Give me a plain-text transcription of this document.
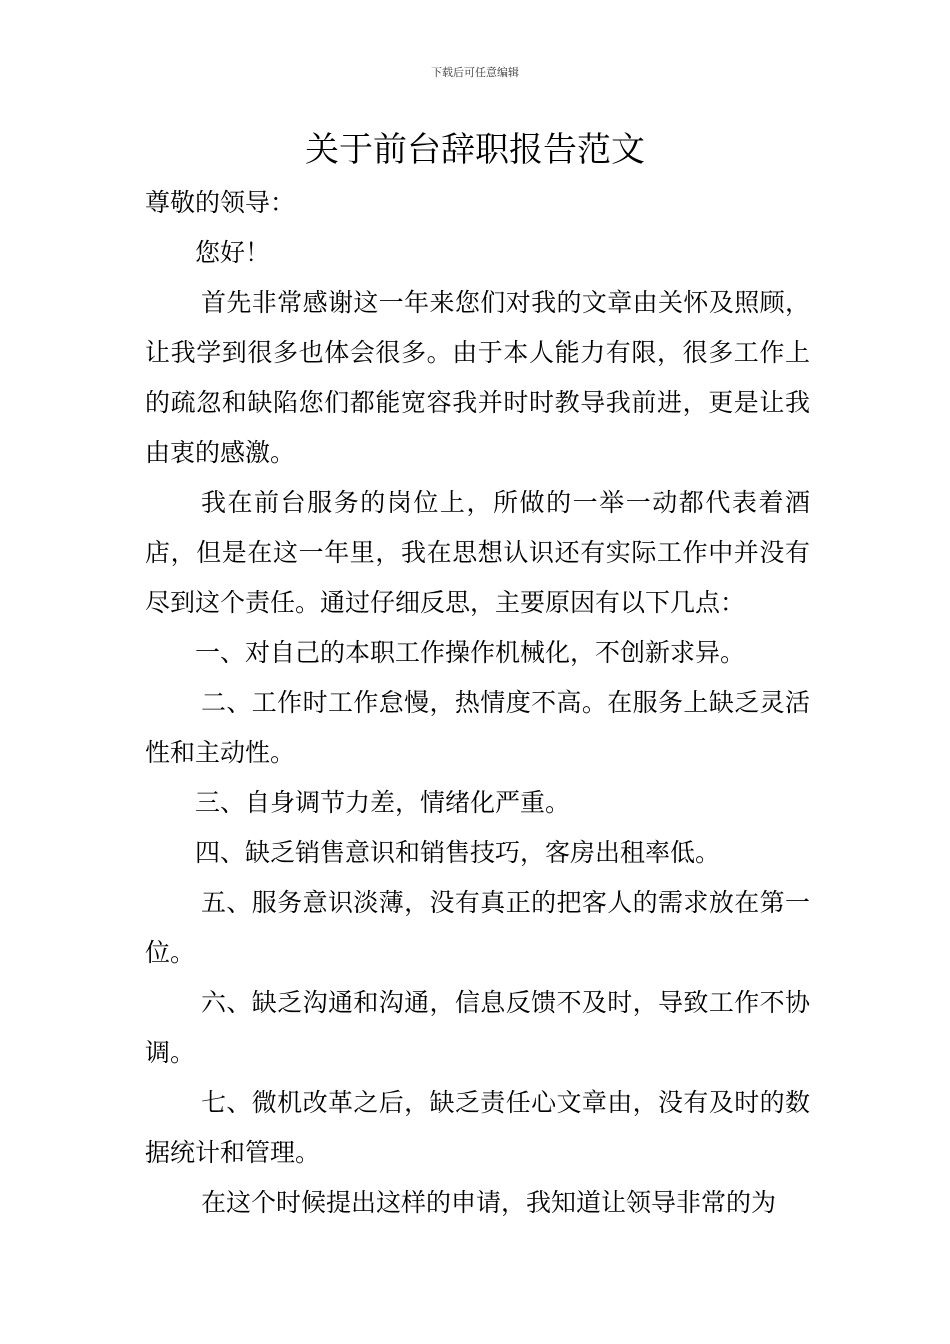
下载后可任意编辑
关于前台辞职报告范文

尊敬的领导：

您好！

首先非常感谢这一年来您们对我的文章由关怀及照顾，让我学到很多也体会很多。由于本人能力有限，很多工作上的疏忽和缺陷您们都能宽容我并时时教导我前进，更是让我由衷的感激。

我在前台服务的岗位上，所做的一举一动都代表着酒店，但是在这一年里，我在思想认识还有实际工作中并没有尽到这个责任。通过仔细反思，主要原因有以下几点：

一、对自己的本职工作操作机械化，不创新求异。

二、工作时工作怠慢，热情度不高。在服务上缺乏灵活性和主动性。

三、自身调节力差，情绪化严重。

四、缺乏销售意识和销售技巧，客房出租率低。

五、服务意识淡薄，没有真正的把客人的需求放在第一位。

六、缺乏沟通和沟通，信息反馈不及时，导致工作不协调。

七、微机改革之后，缺乏责任心文章由，没有及时的数据统计和管理。

在这个时候提出这样的申请，我知道让领导非常的为
